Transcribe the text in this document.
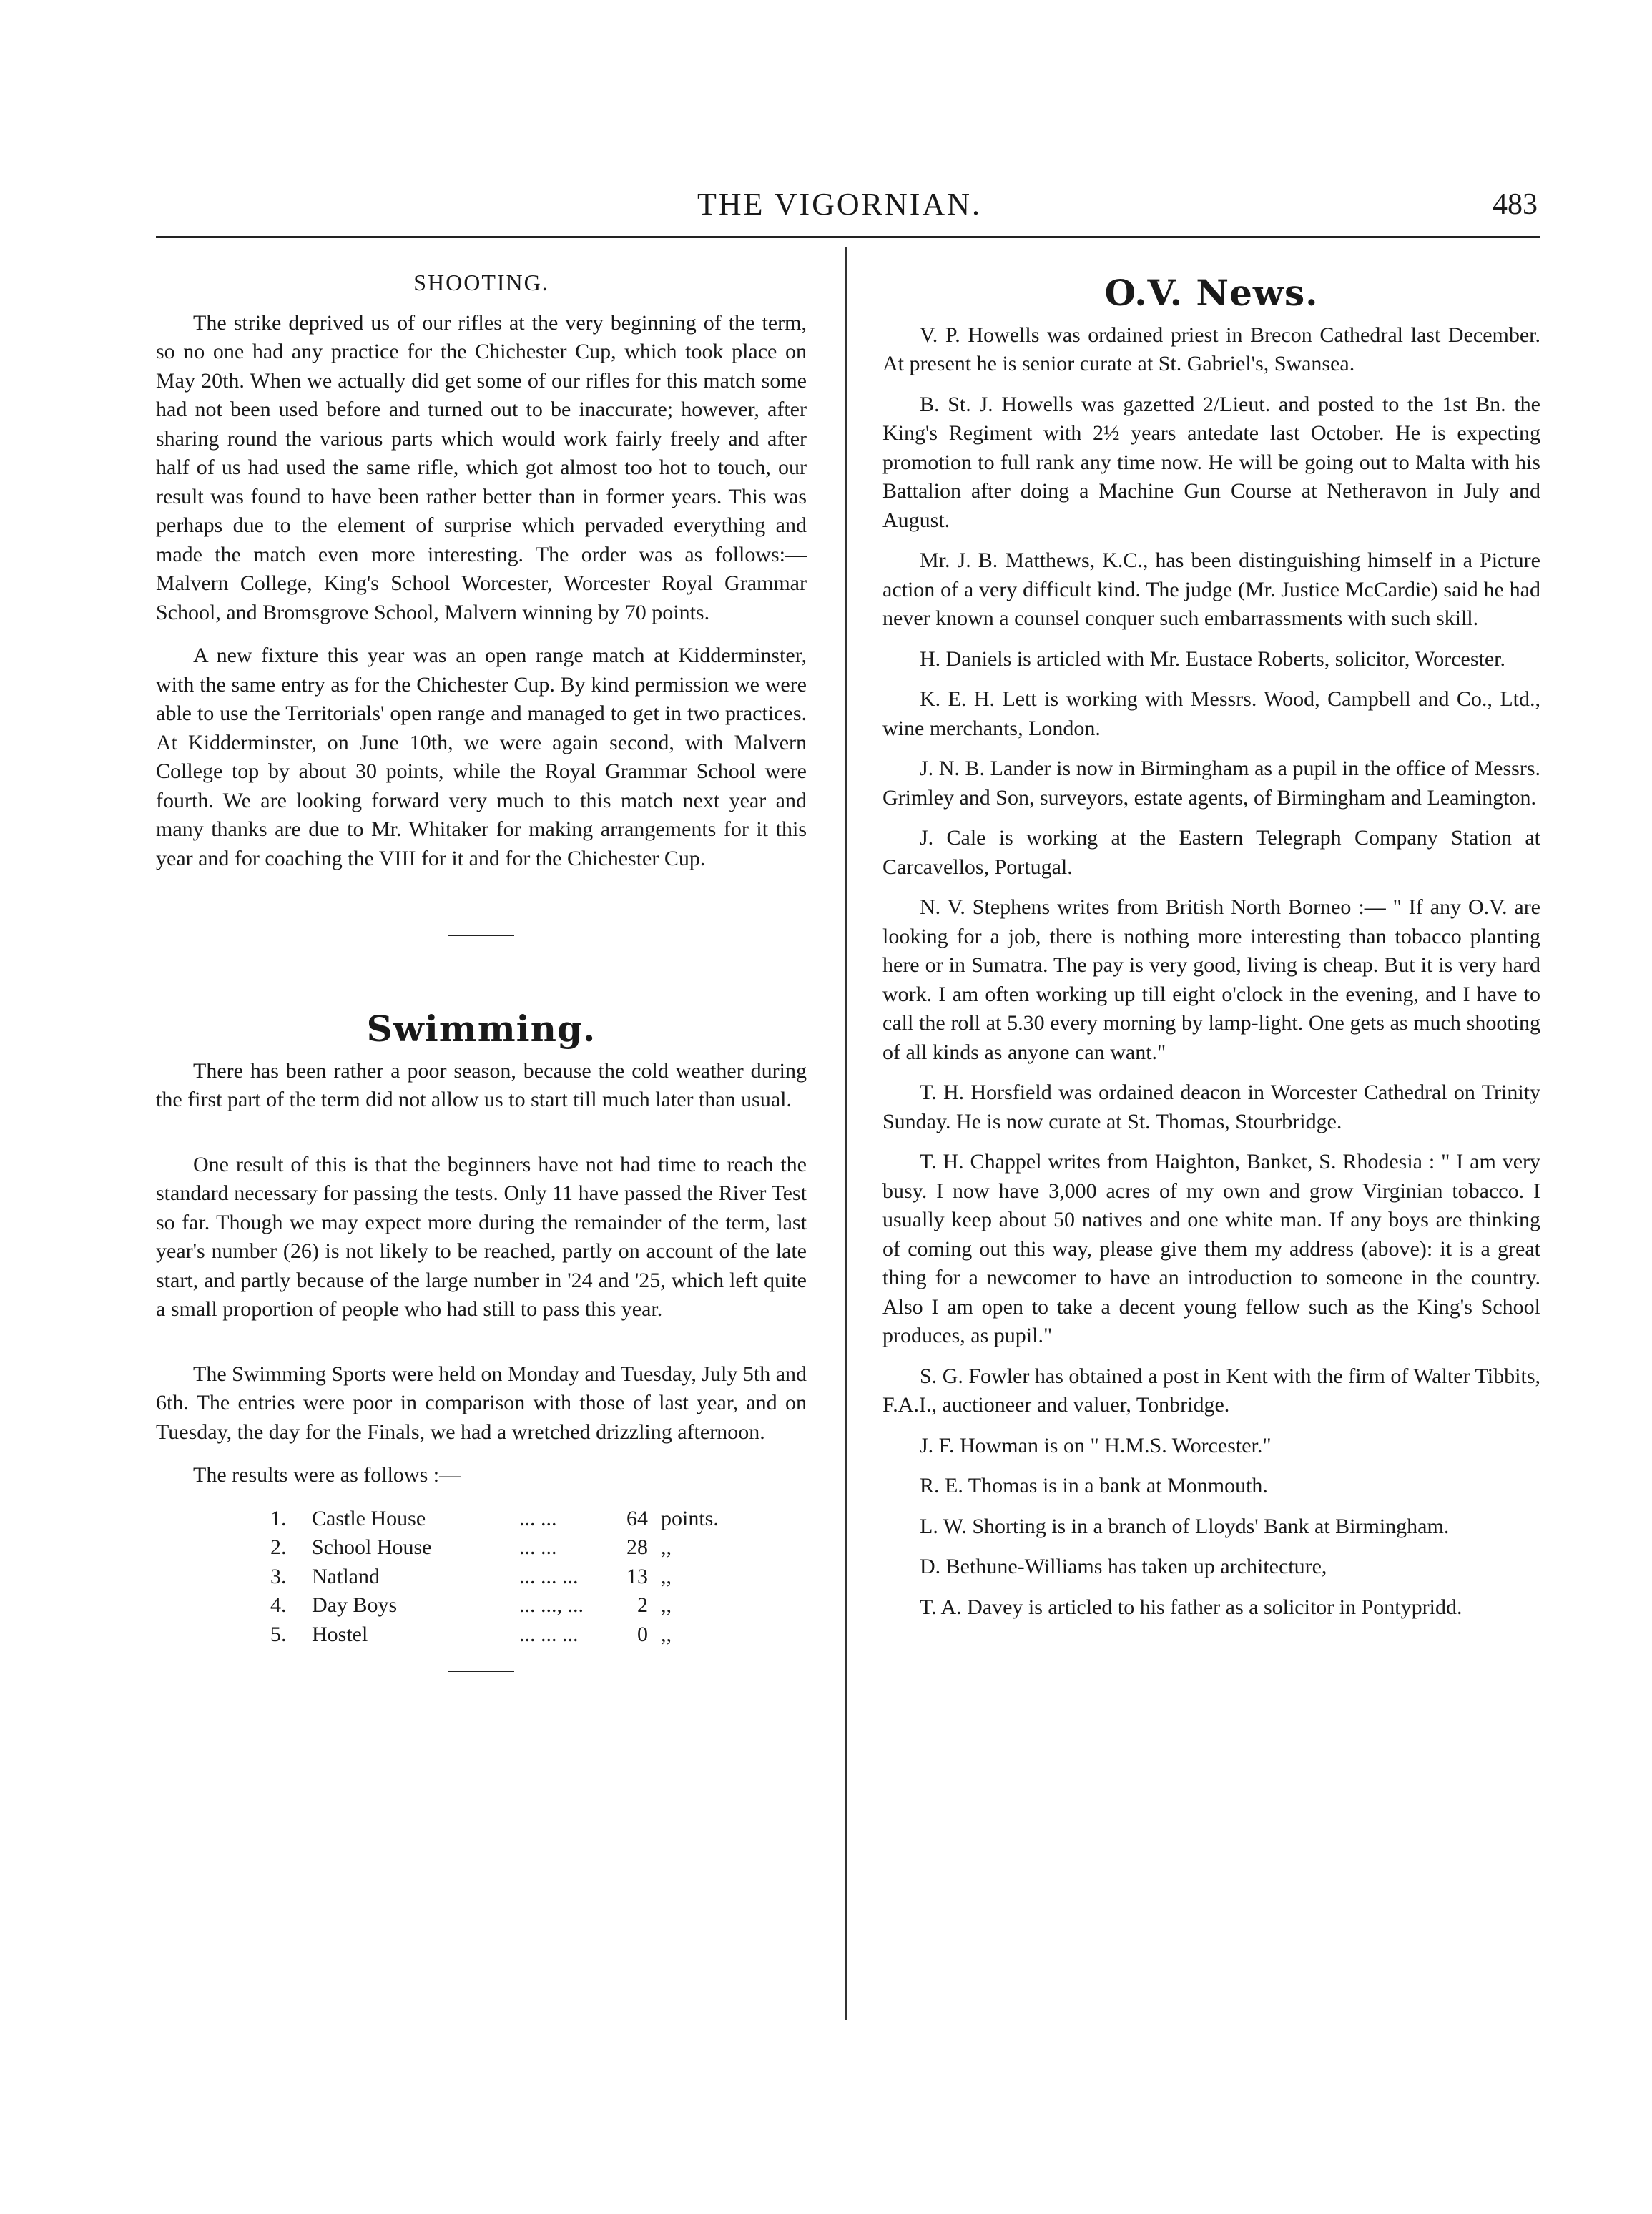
THE VIGORNIAN.	483
SHOOTING.

The strike deprived us of our rifles at the very beginning of the term, so no one had any practice for the Chichester Cup, which took place on May 20th. When we actually did get some of our rifles for this match some had not been used before and turned out to be inaccurate; however, after sharing round the various parts which would work fairly freely and after half of us had used the same rifle, which got almost too hot to touch, our result was found to have been rather better than in former years. This was perhaps due to the element of surprise which pervaded everything and made the match even more interesting. The order was as follows:—Malvern College, King's School Worcester, Worcester Royal Grammar School, and Bromsgrove School, Malvern winning by 70 points.

A new fixture this year was an open range match at Kidderminster, with the same entry as for the Chichester Cup. By kind permission we were able to use the Territorials' open range and managed to get in two practices. At Kidderminster, on June 10th, we were again second, with Malvern College top by about 30 points, while the Royal Grammar School were fourth. We are looking forward very much to this match next year and many thanks are due to Mr. Whitaker for making arrangements for it this year and for coaching the VIII for it and for the Chichester Cup.

Swimming.

There has been rather a poor season, because the cold weather during the first part of the term did not allow us to start till much later than usual.

One result of this is that the beginners have not had time to reach the standard necessary for passing the tests. Only 11 have passed the River Test so far. Though we may expect more during the remainder of the term, last year's number (26) is not likely to be reached, partly on account of the late start, and partly because of the large number in '24 and '25, which left quite a small proportion of people who had still to pass this year.

The Swimming Sports were held on Monday and Tuesday, July 5th and 6th. The entries were poor in comparison with those of last year, and on Tuesday, the day for the Finals, we had a wretched drizzling afternoon.

The results were as follows :—

1.	Castle House	... ...	64	points.
2.	School House	... ...	28	,,
3.	Natland	... ... ...	13	,,
4.	Day Boys	... ..., ...	2	,,
5.	Hostel	... ... ...	0	,,
O.V. News.

V. P. Howells was ordained priest in Brecon Cathedral last December. At present he is senior curate at St. Gabriel's, Swansea.

B. St. J. Howells was gazetted 2/Lieut. and posted to the 1st Bn. the King's Regiment with 2½ years antedate last October. He is expecting promotion to full rank any time now. He will be going out to Malta with his Battalion after doing a Machine Gun Course at Netheravon in July and August.

Mr. J. B. Matthews, K.C., has been distinguishing himself in a Picture action of a very difficult kind. The judge (Mr. Justice McCardie) said he had never known a counsel conquer such embarrassments with such skill.

H. Daniels is articled with Mr. Eustace Roberts, solicitor, Worcester.

K. E. H. Lett is working with Messrs. Wood, Campbell and Co., Ltd., wine merchants, London.

J. N. B. Lander is now in Birmingham as a pupil in the office of Messrs. Grimley and Son, surveyors, estate agents, of Birmingham and Leamington.

J. Cale is working at the Eastern Telegraph Company Station at Carcavellos, Portugal.

N. V. Stephens writes from British North Borneo :— " If any O.V. are looking for a job, there is nothing more interesting than tobacco planting here or in Sumatra. The pay is very good, living is cheap. But it is very hard work. I am often working up till eight o'clock in the evening, and I have to call the roll at 5.30 every morning by lamp-light. One gets as much shooting of all kinds as anyone can want."

T. H. Horsfield was ordained deacon in Worcester Cathedral on Trinity Sunday. He is now curate at St. Thomas, Stourbridge.

T. H. Chappel writes from Haighton, Banket, S. Rhodesia : " I am very busy. I now have 3,000 acres of my own and grow Virginian tobacco. I usually keep about 50 natives and one white man. If any boys are thinking of coming out this way, please give them my address (above): it is a great thing for a newcomer to have an introduction to someone in the country. Also I am open to take a decent young fellow such as the King's School produces, as pupil."

S. G. Fowler has obtained a post in Kent with the firm of Walter Tibbits, F.A.I., auctioneer and valuer, Tonbridge.

J. F. Howman is on " H.M.S. Worcester."

R. E. Thomas is in a bank at Monmouth.

L. W. Shorting is in a branch of Lloyds' Bank at Birmingham.

D. Bethune-Williams has taken up architecture,

T. A. Davey is articled to his father as a solicitor in Pontypridd.
